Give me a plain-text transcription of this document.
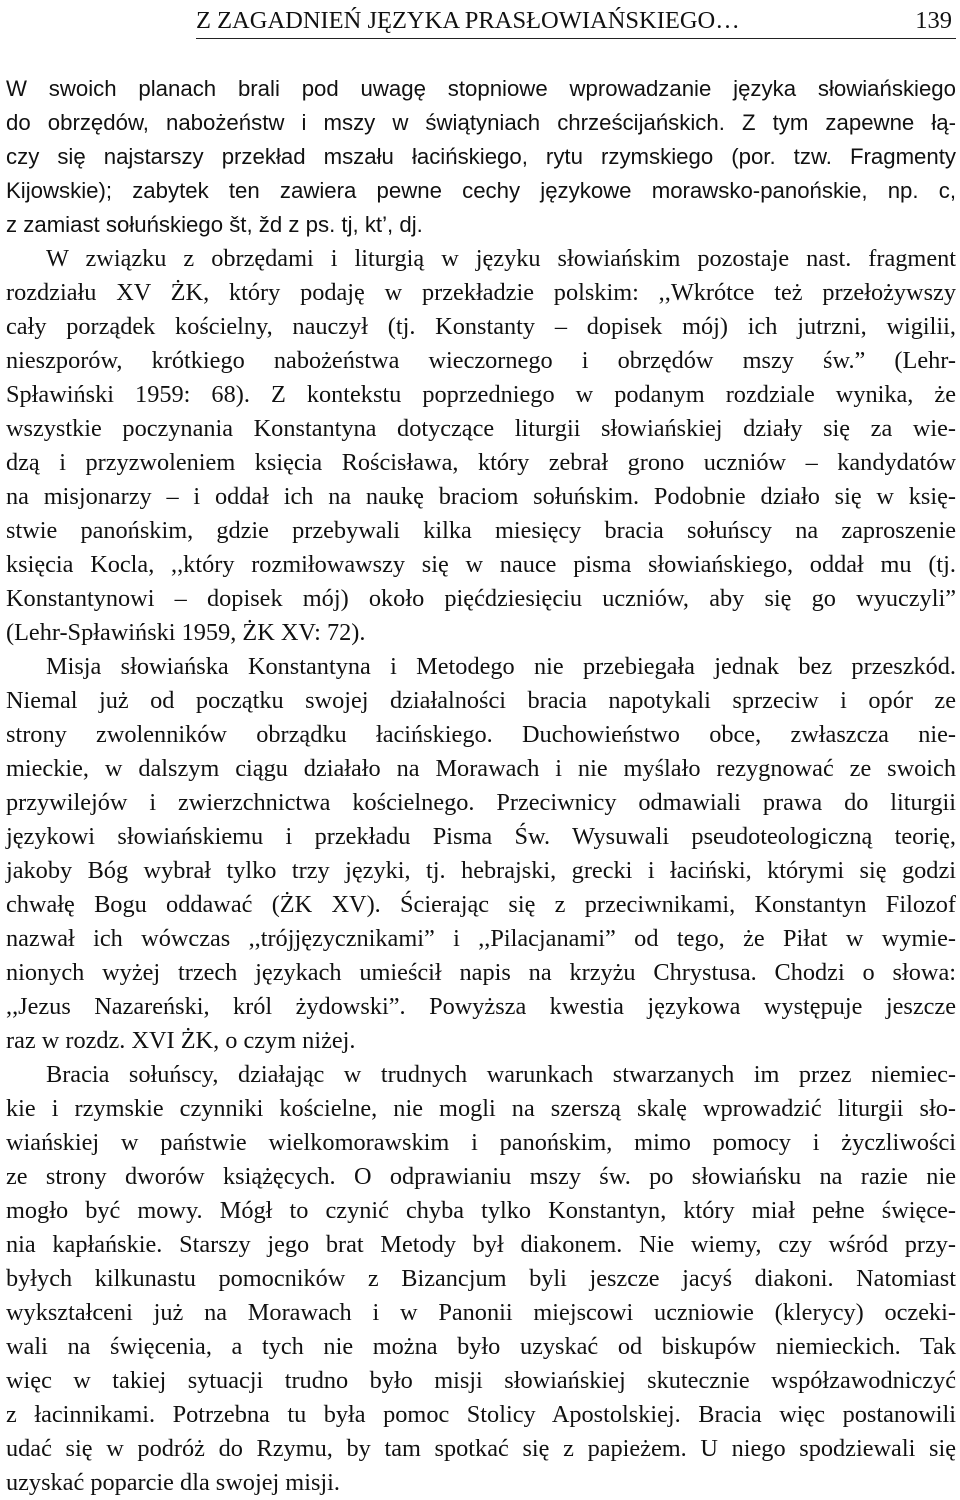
Z ZAGADNIEŃ JĘZYKA PRASŁOWIAŃSKIEGO…	139
W swoich planach brali pod uwagę stopniowe wprowadzanie języka słowiańskiego
do obrzędów, nabożeństw i mszy w świątyniach chrześcijańskich. Z tym zapewne łą-
czy się najstarszy przekład mszału łacińskiego, rytu rzymskiego (por. tzw. Fragmenty
Kijowskie); zabytek ten zawiera pewne cechy językowe morawsko-panońskie, np. c,
z zamiast sołuńskiego št, žd z ps. tj, kt’, dj.
W związku z obrzędami i liturgią w języku słowiańskim pozostaje nast. fragment
rozdziału XV ŻK, który podaję w przekładzie polskim: ,,Wkrótce też przełożywszy
cały porządek kościelny, nauczył (tj. Konstanty – dopisek mój) ich jutrzni, wigilii,
nieszporów, krótkiego nabożeństwa wieczornego i obrzędów mszy św.” (Lehr-
Spławiński 1959: 68). Z kontekstu poprzedniego w podanym rozdziale wynika, że
wszystkie poczynania Konstantyna dotyczące liturgii słowiańskiej działy się za wie-
dzą i przyzwoleniem księcia Rościsława, który zebrał grono uczniów – kandydatów
na misjonarzy – i oddał ich na naukę braciom sołuńskim. Podobnie działo się w księ-
stwie panońskim, gdzie przebywali kilka miesięcy bracia sołuńscy na zaproszenie
księcia Kocla, ,,który rozmiłowawszy się w nauce pisma słowiańskiego, oddał mu (tj.
Konstantynowi – dopisek mój) około pięćdziesięciu uczniów, aby się go wyuczyli”
(Lehr-Spławiński 1959, ŻK XV: 72).
Misja słowiańska Konstantyna i Metodego nie przebiegała jednak bez przeszkód.
Niemal już od początku swojej działalności bracia napotykali sprzeciw i opór ze
strony zwolenników obrządku łacińskiego. Duchowieństwo obce, zwłaszcza nie-
mieckie, w dalszym ciągu działało na Morawach i nie myślało rezygnować ze swoich
przywilejów i zwierzchnictwa kościelnego. Przeciwnicy odmawiali prawa do liturgii
językowi słowiańskiemu i przekładu Pisma Św. Wysuwali pseudoteologiczną teorię,
jakoby Bóg wybrał tylko trzy języki, tj. hebrajski, grecki i łaciński, którymi się godzi
chwałę Bogu oddawać (ŻK XV). Ścierając się z przeciwnikami, Konstantyn Filozof
nazwał ich wówczas ,,trójjęzycznikami” i ,,Pilacjanami” od tego, że Piłat w wymie-
nionych wyżej trzech językach umieścił napis na krzyżu Chrystusa. Chodzi o słowa:
,,Jezus Nazareński, król żydowski”. Powyższa kwestia językowa występuje jeszcze
raz w rozdz. XVI ŻK, o czym niżej.
Bracia sołuńscy, działając w trudnych warunkach stwarzanych im przez niemiec-
kie i rzymskie czynniki kościelne, nie mogli na szerszą skalę wprowadzić liturgii sło-
wiańskiej w państwie wielkomorawskim i panońskim, mimo pomocy i życzliwości
ze strony dworów książęcych. O odprawianiu mszy św. po słowiańsku na razie nie
mogło być mowy. Mógł to czynić chyba tylko Konstantyn, który miał pełne święce-
nia kapłańskie. Starszy jego brat Metody był diakonem. Nie wiemy, czy wśród przy-
byłych kilkunastu pomocników z Bizancjum byli jeszcze jacyś diakoni. Natomiast
wykształceni już na Morawach i w Panonii miejscowi uczniowie (klerycy) oczeki-
wali na święcenia, a tych nie można było uzyskać od biskupów niemieckich. Tak
więc w takiej sytuacji trudno było misji słowiańskiej skutecznie współzawodniczyć
z łacinnikami. Potrzebna tu była pomoc Stolicy Apostolskiej. Bracia więc postanowili
udać się w podróż do Rzymu, by tam spotkać się z papieżem. U niego spodziewali się
uzyskać poparcie dla swojej misji.
